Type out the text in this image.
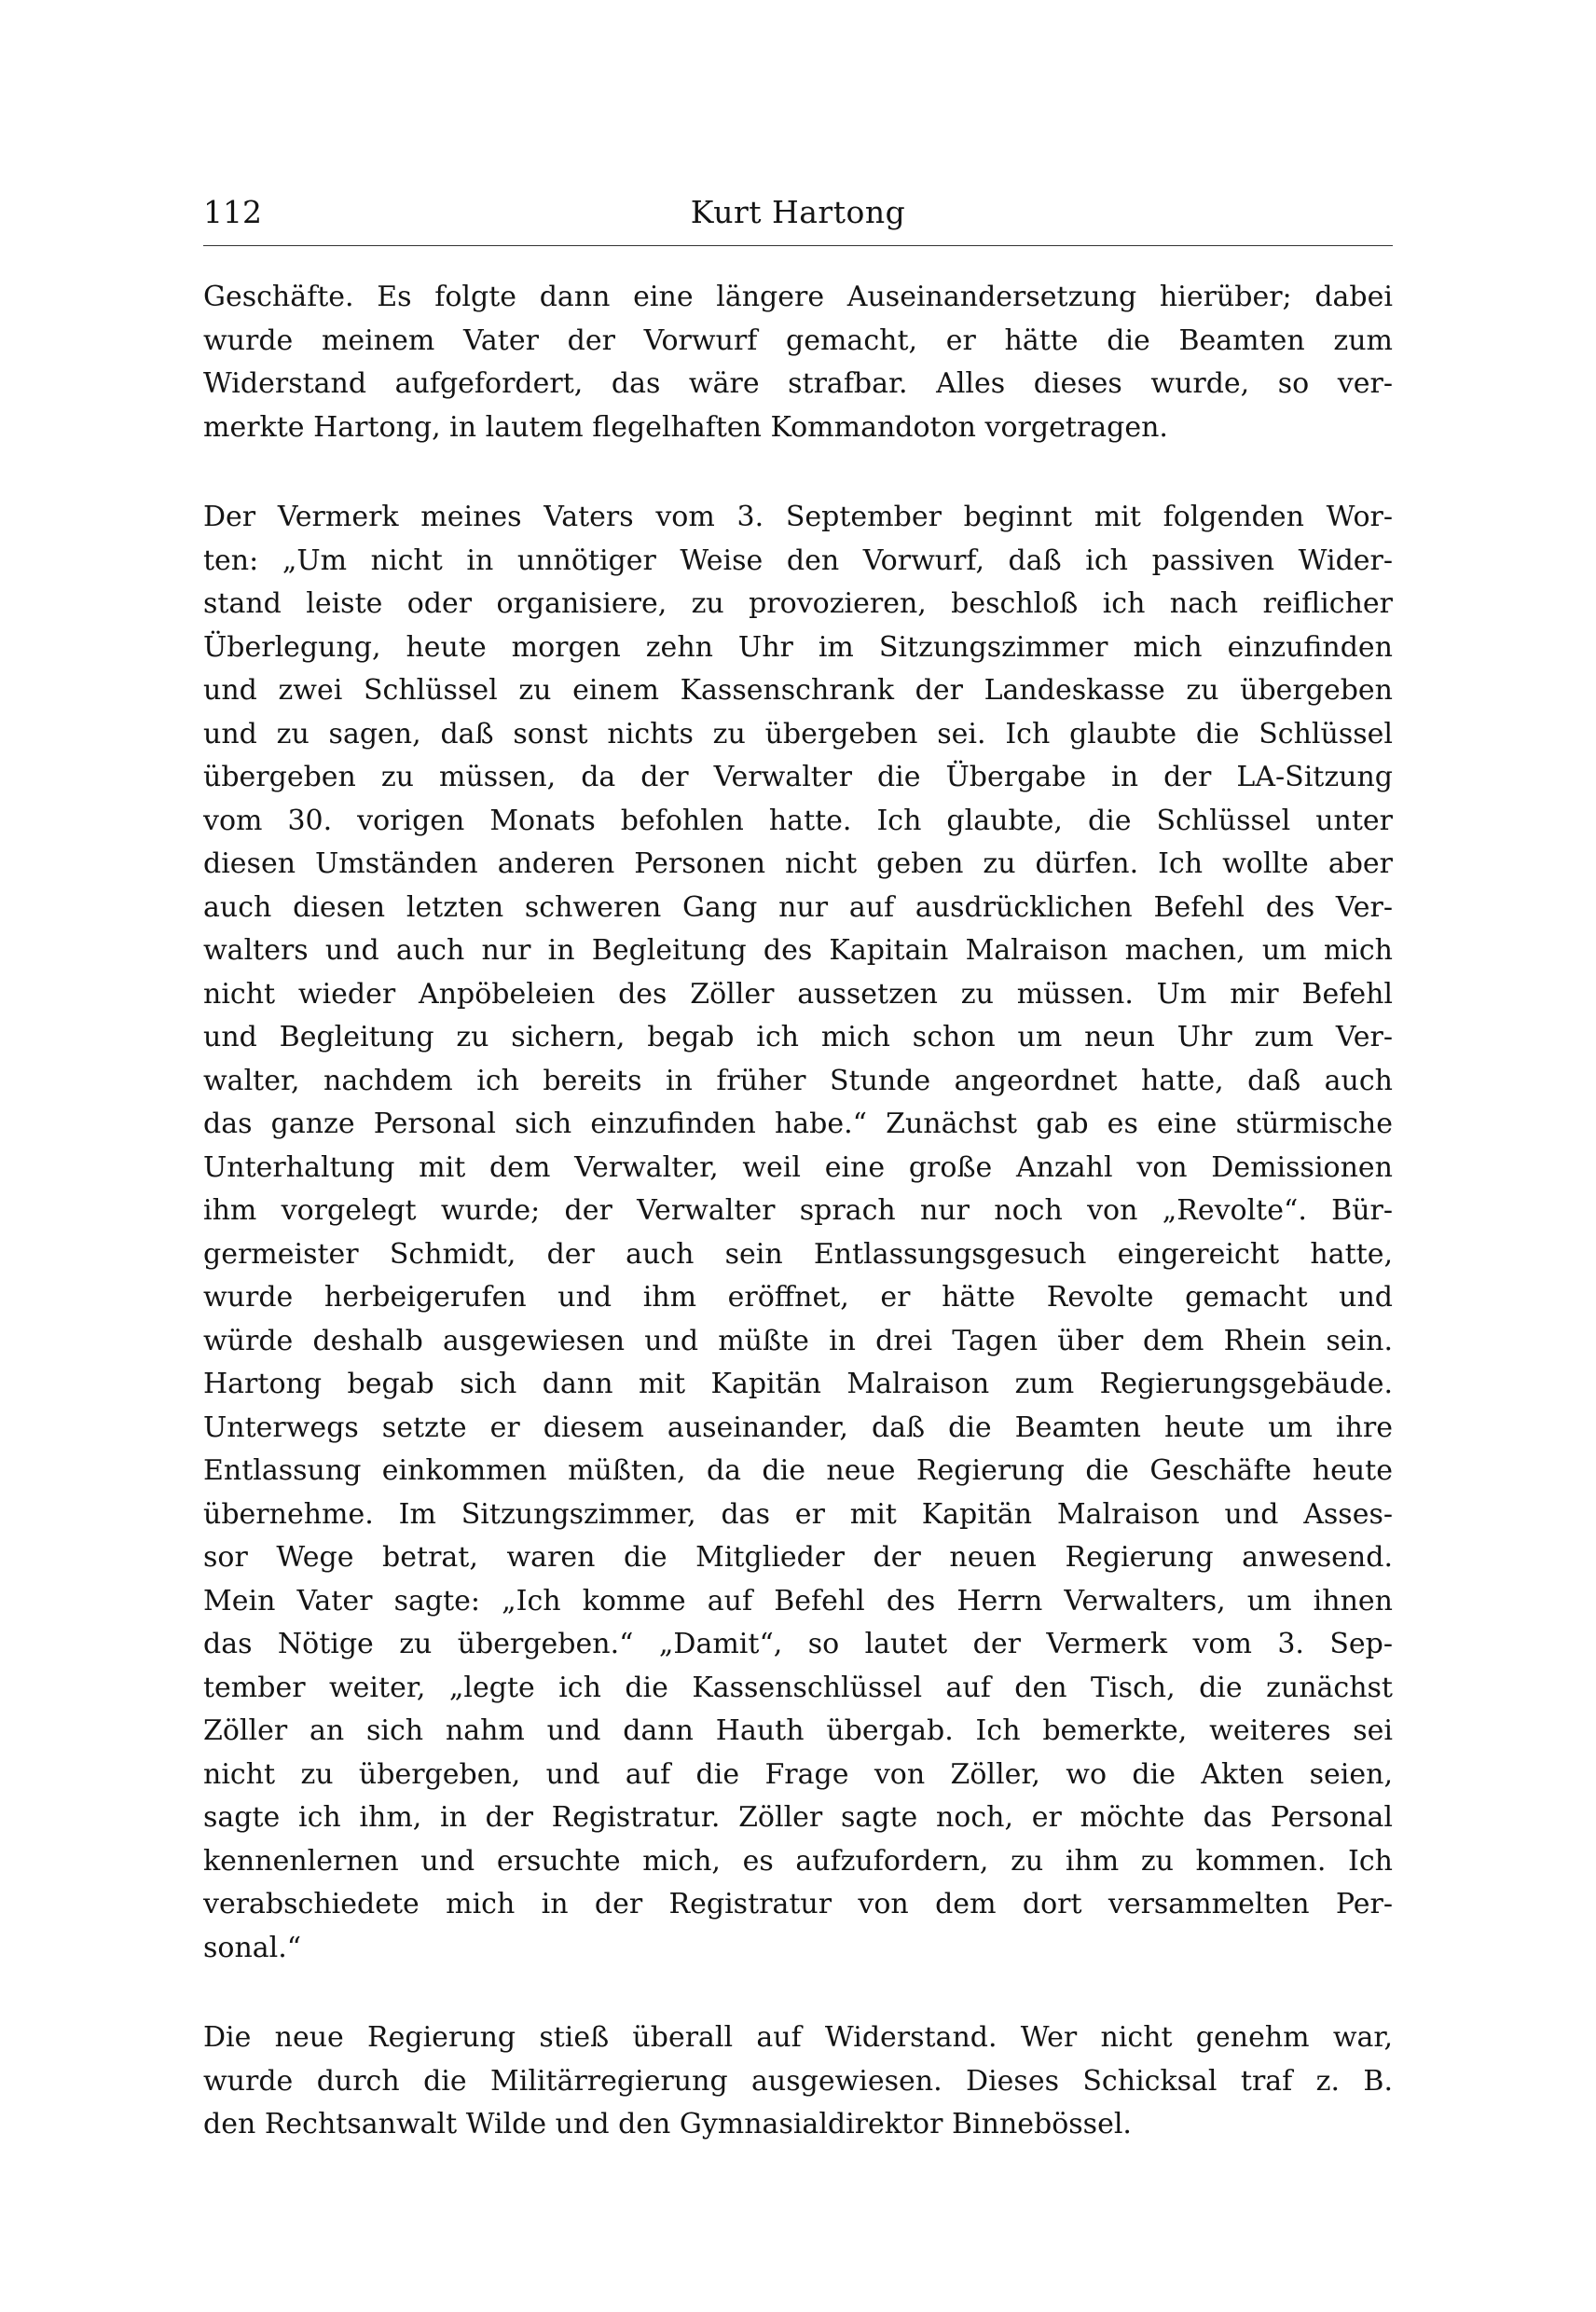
112	Kurt Hartong
Geschäfte. Es folgte dann eine längere Auseinandersetzung hierüber; dabei
wurde meinem Vater der Vorwurf gemacht, er hätte die Beamten zum
Widerstand aufgefordert, das wäre strafbar. Alles dieses wurde, so ver-
merkte Hartong, in lautem flegelhaften Kommandoton vorgetragen.
Der Vermerk meines Vaters vom 3. September beginnt mit folgenden Wor-
ten: „Um nicht in unnötiger Weise den Vorwurf, daß ich passiven Wider-
stand leiste oder organisiere, zu provozieren, beschloß ich nach reiflicher
Überlegung, heute morgen zehn Uhr im Sitzungszimmer mich einzufinden
und zwei Schlüssel zu einem Kassenschrank der Landeskasse zu übergeben
und zu sagen, daß sonst nichts zu übergeben sei. Ich glaubte die Schlüssel
übergeben zu müssen, da der Verwalter die Übergabe in der LA-Sitzung
vom 30. vorigen Monats befohlen hatte. Ich glaubte, die Schlüssel unter
diesen Umständen anderen Personen nicht geben zu dürfen. Ich wollte aber
auch diesen letzten schweren Gang nur auf ausdrücklichen Befehl des Ver-
walters und auch nur in Begleitung des Kapitain Malraison machen, um mich
nicht wieder Anpöbeleien des Zöller aussetzen zu müssen. Um mir Befehl
und Begleitung zu sichern, begab ich mich schon um neun Uhr zum Ver-
walter, nachdem ich bereits in früher Stunde angeordnet hatte, daß auch
das ganze Personal sich einzufinden habe.“ Zunächst gab es eine stürmische
Unterhaltung mit dem Verwalter, weil eine große Anzahl von Demissionen
ihm vorgelegt wurde; der Verwalter sprach nur noch von „Revolte“. Bür-
germeister Schmidt, der auch sein Entlassungsgesuch eingereicht hatte,
wurde herbeigerufen und ihm eröffnet, er hätte Revolte gemacht und
würde deshalb ausgewiesen und müßte in drei Tagen über dem Rhein sein.
Hartong begab sich dann mit Kapitän Malraison zum Regierungsgebäude.
Unterwegs setzte er diesem auseinander, daß die Beamten heute um ihre
Entlassung einkommen müßten, da die neue Regierung die Geschäfte heute
übernehme. Im Sitzungszimmer, das er mit Kapitän Malraison und Asses-
sor Wege betrat, waren die Mitglieder der neuen Regierung anwesend.
Mein Vater sagte: „Ich komme auf Befehl des Herrn Verwalters, um ihnen
das Nötige zu übergeben.“ „Damit“, so lautet der Vermerk vom 3. Sep-
tember weiter, „legte ich die Kassenschlüssel auf den Tisch, die zunächst
Zöller an sich nahm und dann Hauth übergab. Ich bemerkte, weiteres sei
nicht zu übergeben, und auf die Frage von Zöller, wo die Akten seien,
sagte ich ihm, in der Registratur. Zöller sagte noch, er möchte das Personal
kennenlernen und ersuchte mich, es aufzufordern, zu ihm zu kommen. Ich
verabschiedete mich in der Registratur von dem dort versammelten Per-
sonal.“
Die neue Regierung stieß überall auf Widerstand. Wer nicht genehm war,
wurde durch die Militärregierung ausgewiesen. Dieses Schicksal traf z. B.
den Rechtsanwalt Wilde und den Gymnasialdirektor Binnebössel.
